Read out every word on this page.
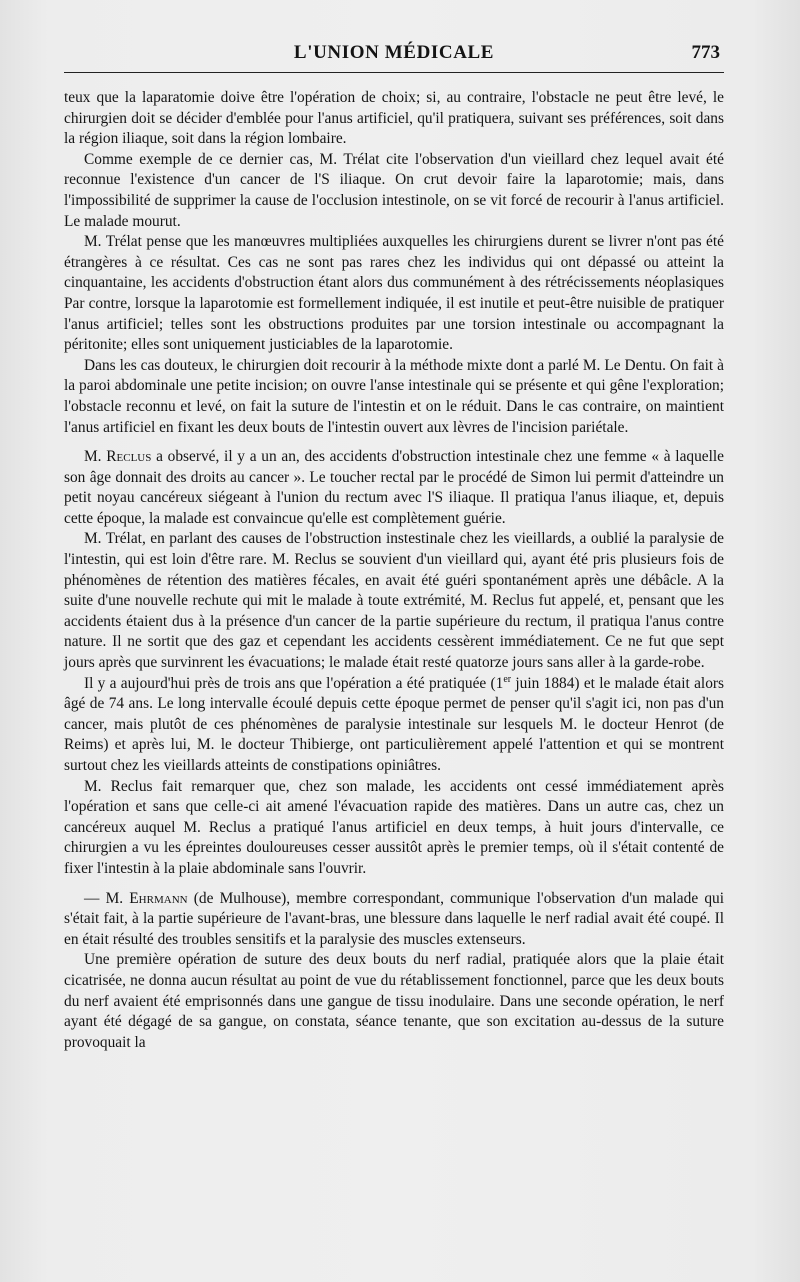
L'UNION MÉDICALE	773

teux que la laparatomie doive être l'opération de choix; si, au contraire, l'obstacle ne peut être levé, le chirurgien doit se décider d'emblée pour l'anus artificiel, qu'il pratiquera, suivant ses préférences, soit dans la région iliaque, soit dans la région lombaire.

Comme exemple de ce dernier cas, M. Trélat cite l'observation d'un vieillard chez lequel avait été reconnue l'existence d'un cancer de l'S iliaque. On crut devoir faire la laparotomie; mais, dans l'impossibilité de supprimer la cause de l'occlusion intestinole, on se vit forcé de recourir à l'anus artificiel. Le malade mourut.

M. Trélat pense que les manœuvres multipliées auxquelles les chirurgiens durent se livrer n'ont pas été étrangères à ce résultat. Ces cas ne sont pas rares chez les individus qui ont dépassé ou atteint la cinquantaine, les accidents d'obstruction étant alors dus communément à des rétrécissements néoplasiques Par contre, lorsque la laparotomie est formellement indiquée, il est inutile et peut-être nuisible de pratiquer l'anus artificiel; telles sont les obstructions produites par une torsion intestinale ou accompagnant la péritonite; elles sont uniquement justiciables de la laparotomie.

Dans les cas douteux, le chirurgien doit recourir à la méthode mixte dont a parlé M. Le Dentu. On fait à la paroi abdominale une petite incision; on ouvre l'anse intestinale qui se présente et qui gêne l'exploration; l'obstacle reconnu et levé, on fait la suture de l'intestin et on le réduit. Dans le cas contraire, on maintient l'anus artificiel en fixant les deux bouts de l'intestin ouvert aux lèvres de l'incision pariétale.

M. Reclus a observé, il y a un an, des accidents d'obstruction intestinale chez une femme « à laquelle son âge donnait des droits au cancer ». Le toucher rectal par le procédé de Simon lui permit d'atteindre un petit noyau cancéreux siégeant à l'union du rectum avec l'S iliaque. Il pratiqua l'anus iliaque, et, depuis cette époque, la malade est convaincue qu'elle est complètement guérie.

M. Trélat, en parlant des causes de l'obstruction instestinale chez les vieillards, a oublié la paralysie de l'intestin, qui est loin d'être rare. M. Reclus se souvient d'un vieillard qui, ayant été pris plusieurs fois de phénomènes de rétention des matières fécales, en avait été guéri spontanément après une débâcle. A la suite d'une nouvelle rechute qui mit le malade à toute extrémité, M. Reclus fut appelé, et, pensant que les accidents étaient dus à la présence d'un cancer de la partie supérieure du rectum, il pratiqua l'anus contre nature. Il ne sortit que des gaz et cependant les accidents cessèrent immédiatement. Ce ne fut que sept jours après que survinrent les évacuations; le malade était resté quatorze jours sans aller à la garde-robe.

Il y a aujourd'hui près de trois ans que l'opération a été pratiquée (1er juin 1884) et le malade était alors âgé de 74 ans. Le long intervalle écoulé depuis cette époque permet de penser qu'il s'agit ici, non pas d'un cancer, mais plutôt de ces phénomènes de paralysie intestinale sur lesquels M. le docteur Henrot (de Reims) et après lui, M. le docteur Thibierge, ont particulièrement appelé l'attention et qui se montrent surtout chez les vieillards atteints de constipations opiniâtres.

M. Reclus fait remarquer que, chez son malade, les accidents ont cessé immédiatement après l'opération et sans que celle-ci ait amené l'évacuation rapide des matières. Dans un autre cas, chez un cancéreux auquel M. Reclus a pratiqué l'anus artificiel en deux temps, à huit jours d'intervalle, ce chirurgien a vu les épreintes douloureuses cesser aussitôt après le premier temps, où il s'était contenté de fixer l'intestin à la plaie abdominale sans l'ouvrir.

— M. Ehrmann (de Mulhouse), membre correspondant, communique l'observation d'un malade qui s'était fait, à la partie supérieure de l'avant-bras, une blessure dans laquelle le nerf radial avait été coupé. Il en était résulté des troubles sensitifs et la paralysie des muscles extenseurs.

Une première opération de suture des deux bouts du nerf radial, pratiquée alors que la plaie était cicatrisée, ne donna aucun résultat au point de vue du rétablissement fonctionnel, parce que les deux bouts du nerf avaient été emprisonnés dans une gangue de tissu inodulaire. Dans une seconde opération, le nerf ayant été dégagé de sa gangue, on constata, séance tenante, que son excitation au-dessus de la suture provoquait la
